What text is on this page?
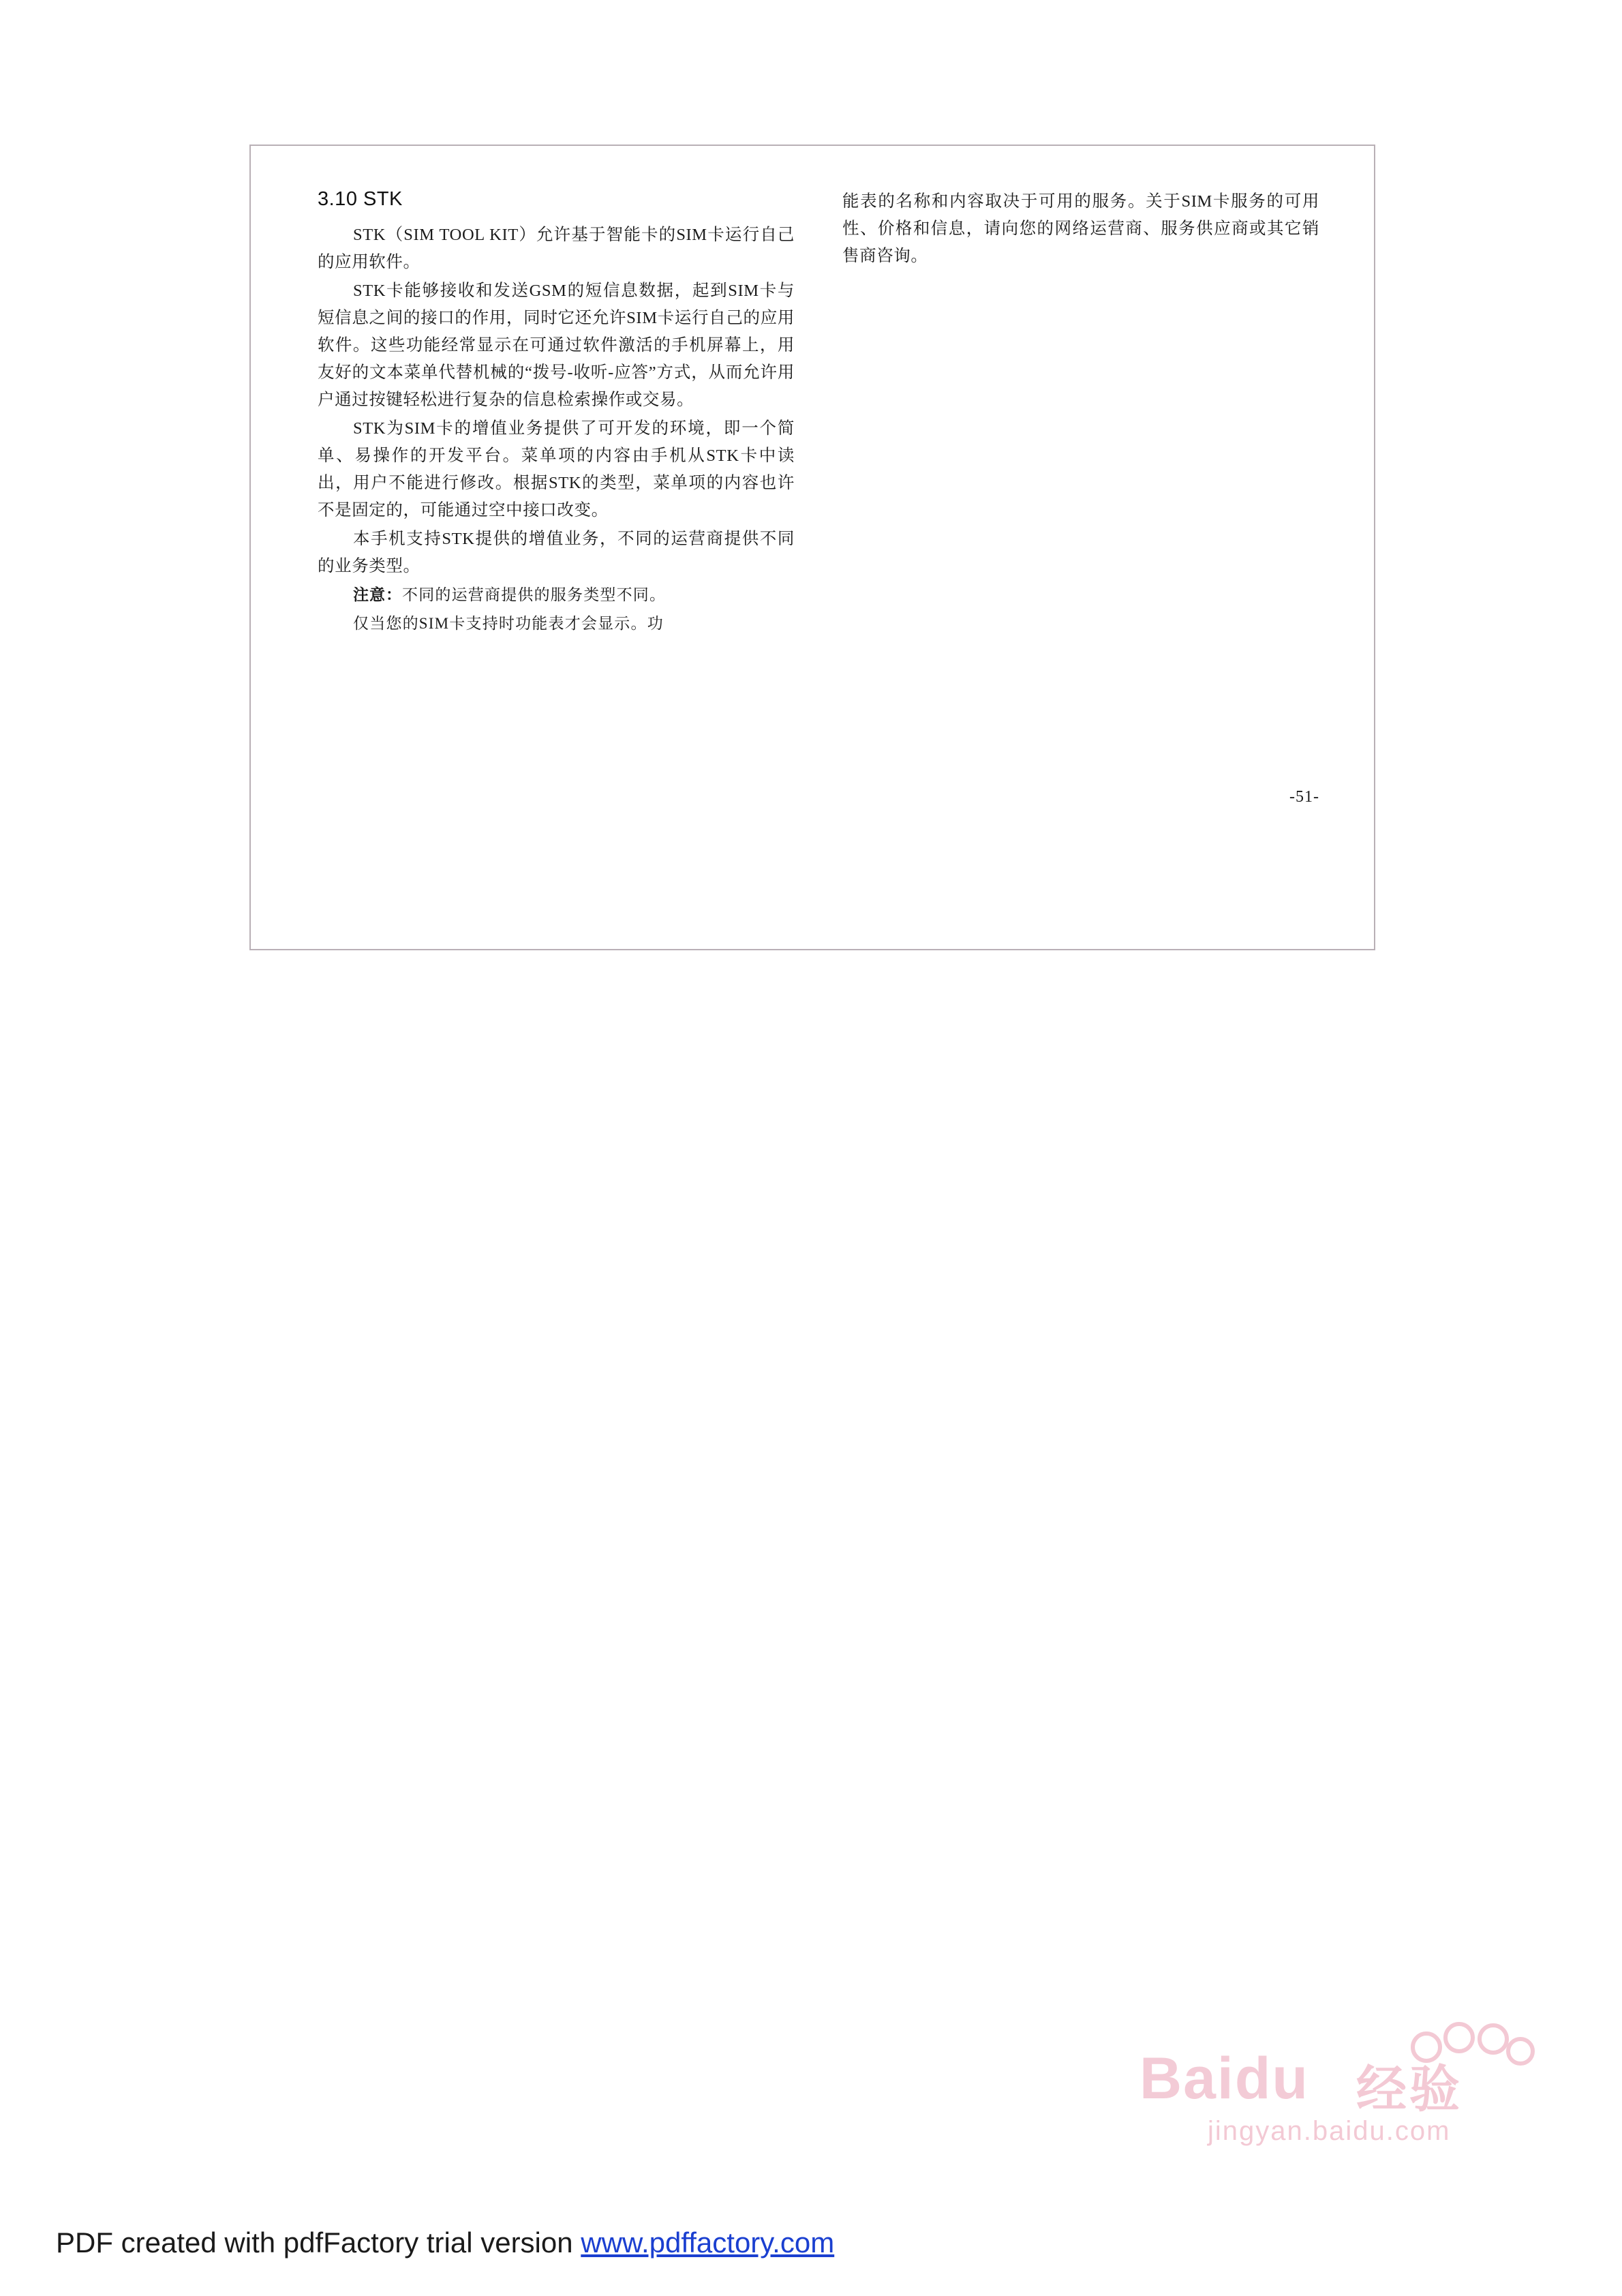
3.10 STK

STK（SIM TOOL KIT）允许基于智能卡的SIM卡运行自己的应用软件。

STK卡能够接收和发送GSM的短信息数据，起到SIM卡与短信息之间的接口的作用，同时它还允许SIM卡运行自己的应用软件。这些功能经常显示在可通过软件激活的手机屏幕上，用友好的文本菜单代替机械的“拨号-收听-应答”方式，从而允许用户通过按键轻松进行复杂的信息检索操作或交易。

STK为SIM卡的增值业务提供了可开发的环境，即一个简单、易操作的开发平台。菜单项的内容由手机从STK卡中读出，用户不能进行修改。根据STK的类型，菜单项的内容也许不是固定的，可能通过空中接口改变。

本手机支持STK提供的增值业务，不同的运营商提供不同的业务类型。

注意：不同的运营商提供的服务类型不同。

仅当您的SIM卡支持时功能表才会显示。功

能表的名称和内容取决于可用的服务。关于SIM卡服务的可用性、价格和信息，请向您的网络运营商、服务供应商或其它销售商咨询。

-51-
Baidu 经验
jingyan.baidu.com
PDF created with pdfFactory trial version www.pdffactory.com
